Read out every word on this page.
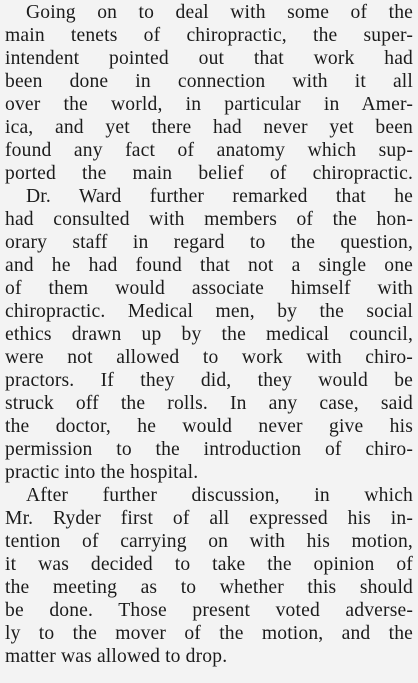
Going on to deal with some of the
main tenets of chiropractic, the super-
intendent pointed out that work had
been done in connection with it all
over the world, in particular in Amer-
ica, and yet there had never yet been
found any fact of anatomy which sup-
ported the main belief of chiropractic.
Dr. Ward further remarked that he
had consulted with members of the hon-
orary staff in regard to the question,
and he had found that not a single one
of them would associate himself with
chiropractic. Medical men, by the social
ethics drawn up by the medical council,
were not allowed to work with chiro-
practors. If they did, they would be
struck off the rolls. In any case, said
the doctor, he would never give his
permission to the introduction of chiro-
practic into the hospital.
After further discussion, in which
Mr. Ryder first of all expressed his in-
tention of carrying on with his motion,
it was decided to take the opinion of
the meeting as to whether this should
be done. Those present voted adverse-
ly to the mover of the motion, and the
matter was allowed to drop.
